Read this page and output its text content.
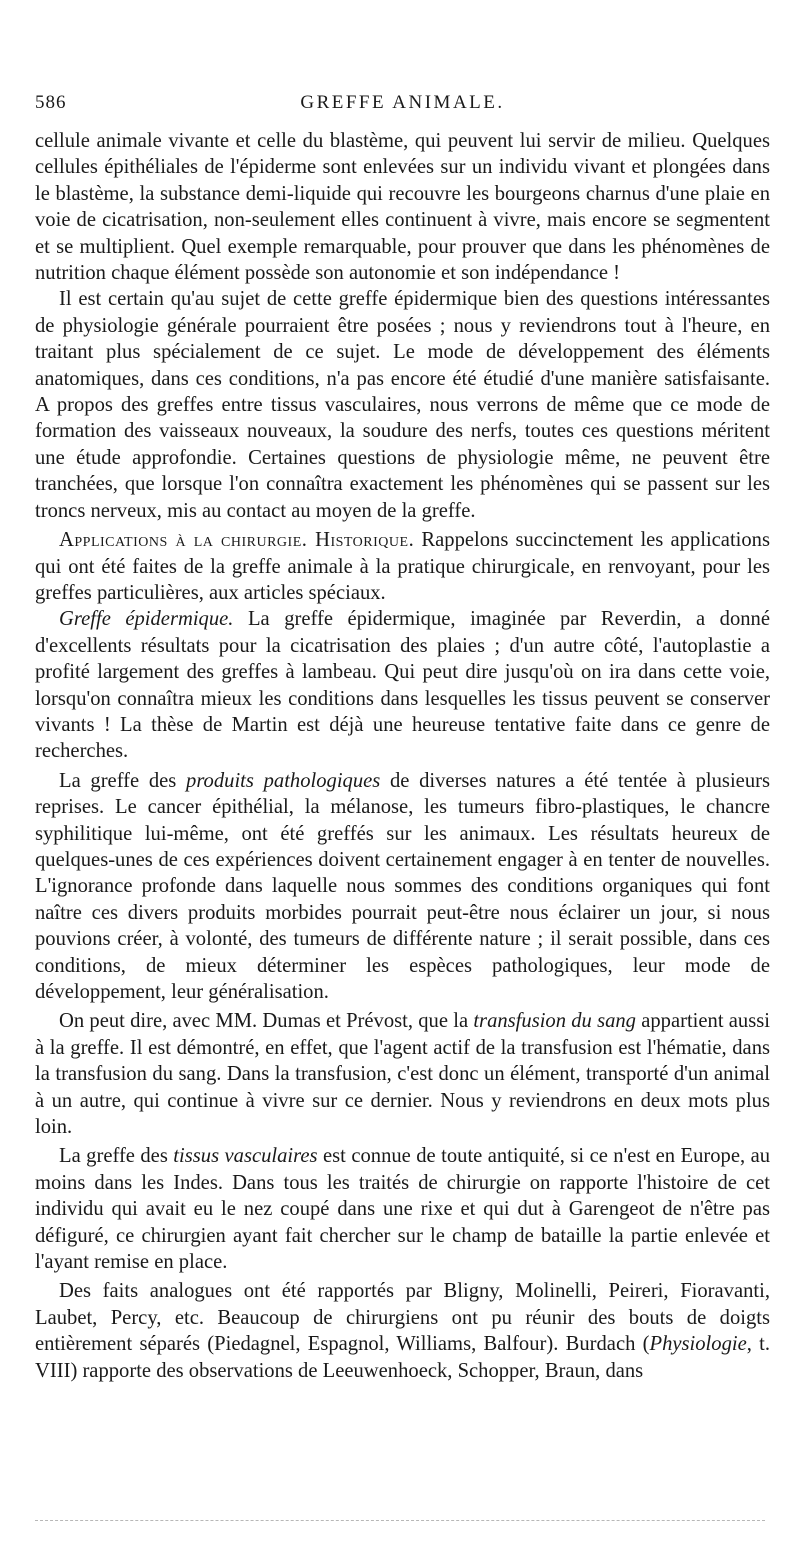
586	GREFFE ANIMALE.

cellule animale vivante et celle du blastème, qui peuvent lui servir de milieu. Quelques cellules épithéliales de l'épiderme sont enlevées sur un individu vivant et plongées dans le blastème, la substance demi-liquide qui recouvre les bourgeons charnus d'une plaie en voie de cicatrisation, non-seulement elles continuent à vivre, mais encore se segmentent et se multiplient. Quel exemple remarquable, pour prouver que dans les phénomènes de nutrition chaque élément possède son autonomie et son indépendance !

Il est certain qu'au sujet de cette greffe épidermique bien des questions intéressantes de physiologie générale pourraient être posées ; nous y reviendrons tout à l'heure, en traitant plus spécialement de ce sujet. Le mode de développement des éléments anatomiques, dans ces conditions, n'a pas encore été étudié d'une manière satisfaisante. A propos des greffes entre tissus vasculaires, nous verrons de même que ce mode de formation des vaisseaux nouveaux, la soudure des nerfs, toutes ces questions méritent une étude approfondie. Certaines questions de physiologie même, ne peuvent être tranchées, que lorsque l'on connaîtra exactement les phénomènes qui se passent sur les troncs nerveux, mis au contact au moyen de la greffe.

Applications à la chirurgie. Historique. Rappelons succinctement les applications qui ont été faites de la greffe animale à la pratique chirurgicale, en renvoyant, pour les greffes particulières, aux articles spéciaux.

Greffe épidermique. La greffe épidermique, imaginée par Reverdin, a donné d'excellents résultats pour la cicatrisation des plaies ; d'un autre côté, l'autoplastie a profité largement des greffes à lambeau. Qui peut dire jusqu'où on ira dans cette voie, lorsqu'on connaîtra mieux les conditions dans lesquelles les tissus peuvent se conserver vivants ! La thèse de Martin est déjà une heureuse tentative faite dans ce genre de recherches.

La greffe des produits pathologiques de diverses natures a été tentée à plusieurs reprises. Le cancer épithélial, la mélanose, les tumeurs fibro-plastiques, le chancre syphilitique lui-même, ont été greffés sur les animaux. Les résultats heureux de quelques-unes de ces expériences doivent certainement engager à en tenter de nouvelles. L'ignorance profonde dans laquelle nous sommes des conditions organiques qui font naître ces divers produits morbides pourrait peut-être nous éclairer un jour, si nous pouvions créer, à volonté, des tumeurs de différente nature ; il serait possible, dans ces conditions, de mieux déterminer les espèces pathologiques, leur mode de développement, leur généralisation.

On peut dire, avec MM. Dumas et Prévost, que la transfusion du sang appartient aussi à la greffe. Il est démontré, en effet, que l'agent actif de la transfusion est l'hématie, dans la transfusion du sang. Dans la transfusion, c'est donc un élément, transporté d'un animal à un autre, qui continue à vivre sur ce dernier. Nous y reviendrons en deux mots plus loin.

La greffe des tissus vasculaires est connue de toute antiquité, si ce n'est en Europe, au moins dans les Indes. Dans tous les traités de chirurgie on rapporte l'histoire de cet individu qui avait eu le nez coupé dans une rixe et qui dut à Garengeot de n'être pas défiguré, ce chirurgien ayant fait chercher sur le champ de bataille la partie enlevée et l'ayant remise en place.

Des faits analogues ont été rapportés par Bligny, Molinelli, Peireri, Fioravanti, Laubet, Percy, etc. Beaucoup de chirurgiens ont pu réunir des bouts de doigts entièrement séparés (Piedagnel, Espagnol, Williams, Balfour). Burdach (Physiologie, t. VIII) rapporte des observations de Leeuwenhoeck, Schopper, Braun, dans
